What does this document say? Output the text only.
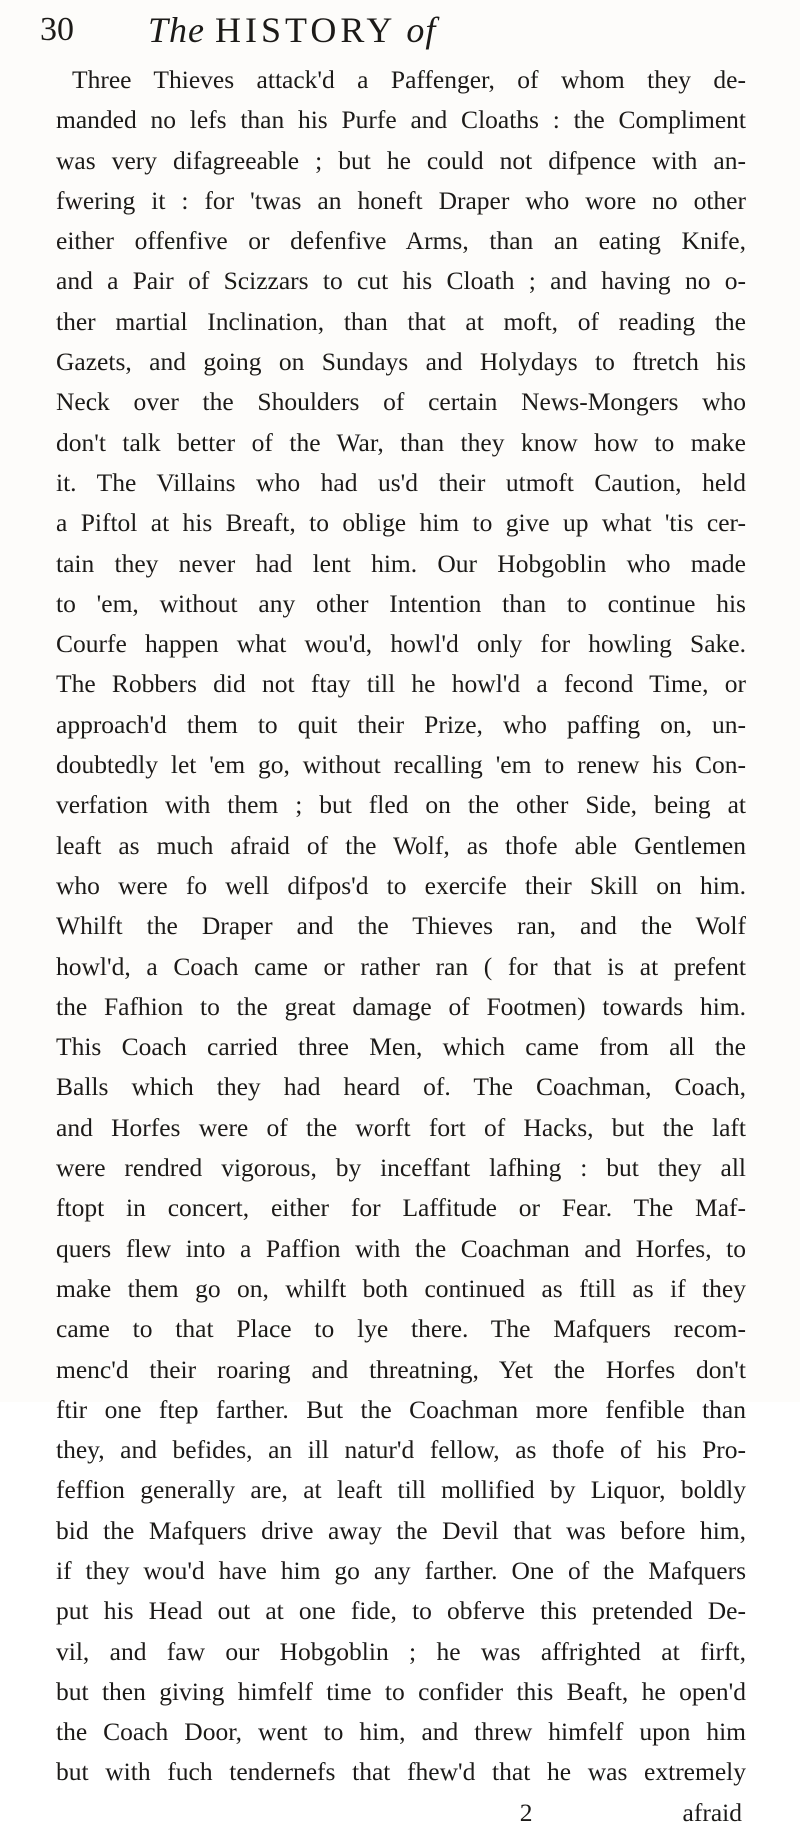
30 The HISTORY of
Three Thieves attack'd a Paffenger, of whom they de-
manded no lefs than his Purfe and Cloaths : the Compliment
was very difagreeable ; but he could not difpence with an-
fwering it : for 'twas an honeft Draper who wore no other
either offenfive or defenfive Arms, than an eating Knife,
and a Pair of Scizzars to cut his Cloath ; and having no o-
ther martial Inclination, than that at moft, of reading the
Gazets, and going on Sundays and Holydays to ftretch his
Neck over the Shoulders of certain News-Mongers who
don't talk better of the War, than they know how to make
it. The Villains who had us'd their utmoft Caution, held
a Piftol at his Breaft, to oblige him to give up what 'tis cer-
tain they never had lent him. Our Hobgoblin who made
to 'em, without any other Intention than to continue his
Courfe happen what wou'd, howl'd only for howling Sake.
The Robbers did not ftay till he howl'd a fecond Time, or
approach'd them to quit their Prize, who paffing on, un-
doubtedly let 'em go, without recalling 'em to renew his Con-
verfation with them ; but fled on the other Side, being at
leaft as much afraid of the Wolf, as thofe able Gentlemen
who were fo well difpos'd to exercife their Skill on him.
Whilft the Draper and the Thieves ran, and the Wolf
howl'd, a Coach came or rather ran ( for that is at prefent
the Fafhion to the great damage of Footmen) towards him.
This Coach carried three Men, which came from all the
Balls which they had heard of. The Coachman, Coach,
and Horfes were of the worft fort of Hacks, but the laft
were rendred vigorous, by inceffant lafhing : but they all
ftopt in concert, either for Laffitude or Fear. The Maf-
quers flew into a Paffion with the Coachman and Horfes, to
make them go on, whilft both continued as ftill as if they
came to that Place to lye there. The Mafquers recom-
menc'd their roaring and threatning, Yet the Horfes don't
ftir one ftep farther. But the Coachman more fenfible than
they, and befides, an ill natur'd fellow, as thofe of his Pro-
feffion generally are, at leaft till mollified by Liquor, boldly
bid the Mafquers drive away the Devil that was before him,
if they wou'd have him go any farther. One of the Mafquers
put his Head out at one fide, to obferve this pretended De-
vil, and faw our Hobgoblin ; he was affrighted at firft,
but then giving himfelf time to confider this Beaft, he open'd
the Coach Door, went to him, and threw himfelf upon him
but with fuch tendernefs that fhew'd that he was extremely
2	afraid
